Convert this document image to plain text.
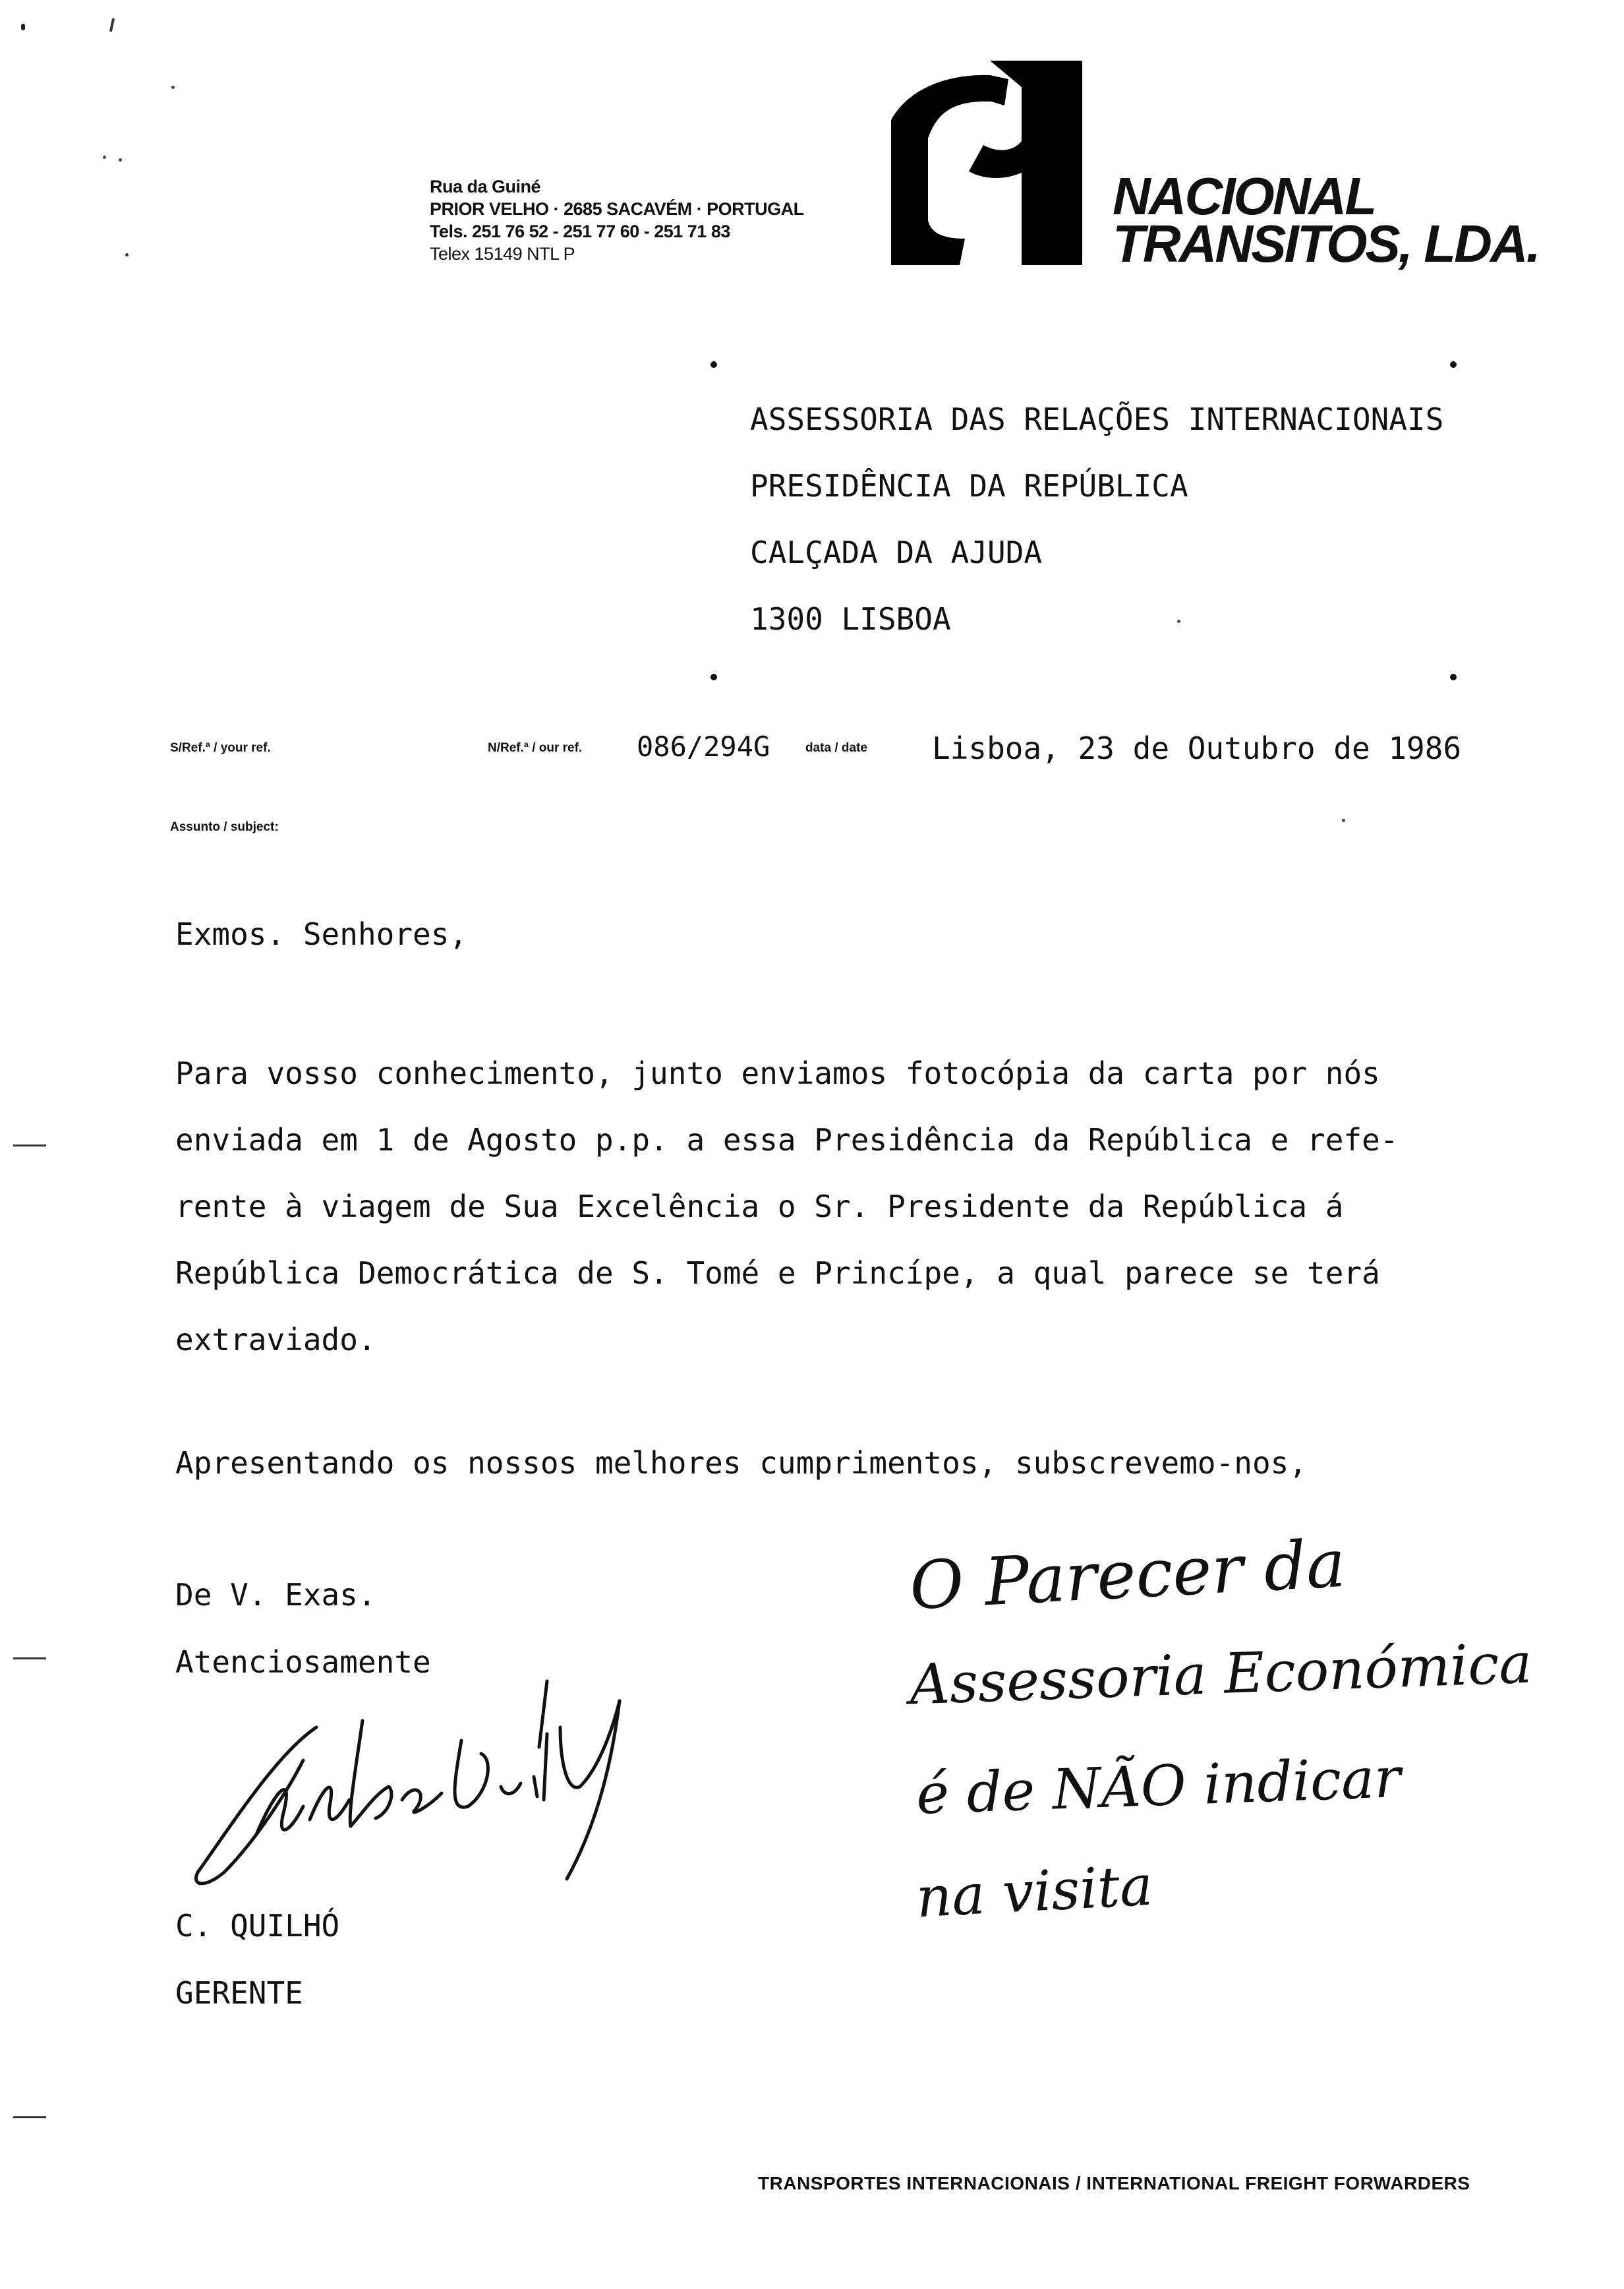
Rua da Guiné
PRIOR VELHO · 2685 SACAVÉM · PORTUGAL
Tels. 251 76 52 - 251 77 60 - 251 71 83
Telex 15149 NTL P
NACIONAL
TRANSITOS, LDA.
ASSESSORIA DAS RELAÇÕES INTERNACIONAIS
PRESIDÊNCIA DA REPÚBLICA
CALÇADA DA AJUDA
1300 LISBOA
S/Ref.ª / your ref.	N/Ref.ª / our ref. 086/294G	data / date Lisboa, 23 de Outubro de 1986
Assunto / subject:
Exmos. Senhores,
Para vosso conhecimento, junto enviamos fotocópia da carta por nós
enviada em 1 de Agosto p.p. a essa Presidência da República e refe-
rente à viagem de Sua Excelência o Sr. Presidente da República á
República Democrática de S. Tomé e Princípe, a qual parece se terá
extraviado.
Apresentando os nossos melhores cumprimentos, subscrevemo-nos,
De V. Exas.
Atenciosamente
C. QUILHÓ
GERENTE
O Parecer da
Assessoria Económica
é de NÃO indicar
na visita
TRANSPORTES INTERNACIONAIS / INTERNATIONAL FREIGHT FORWARDERS
